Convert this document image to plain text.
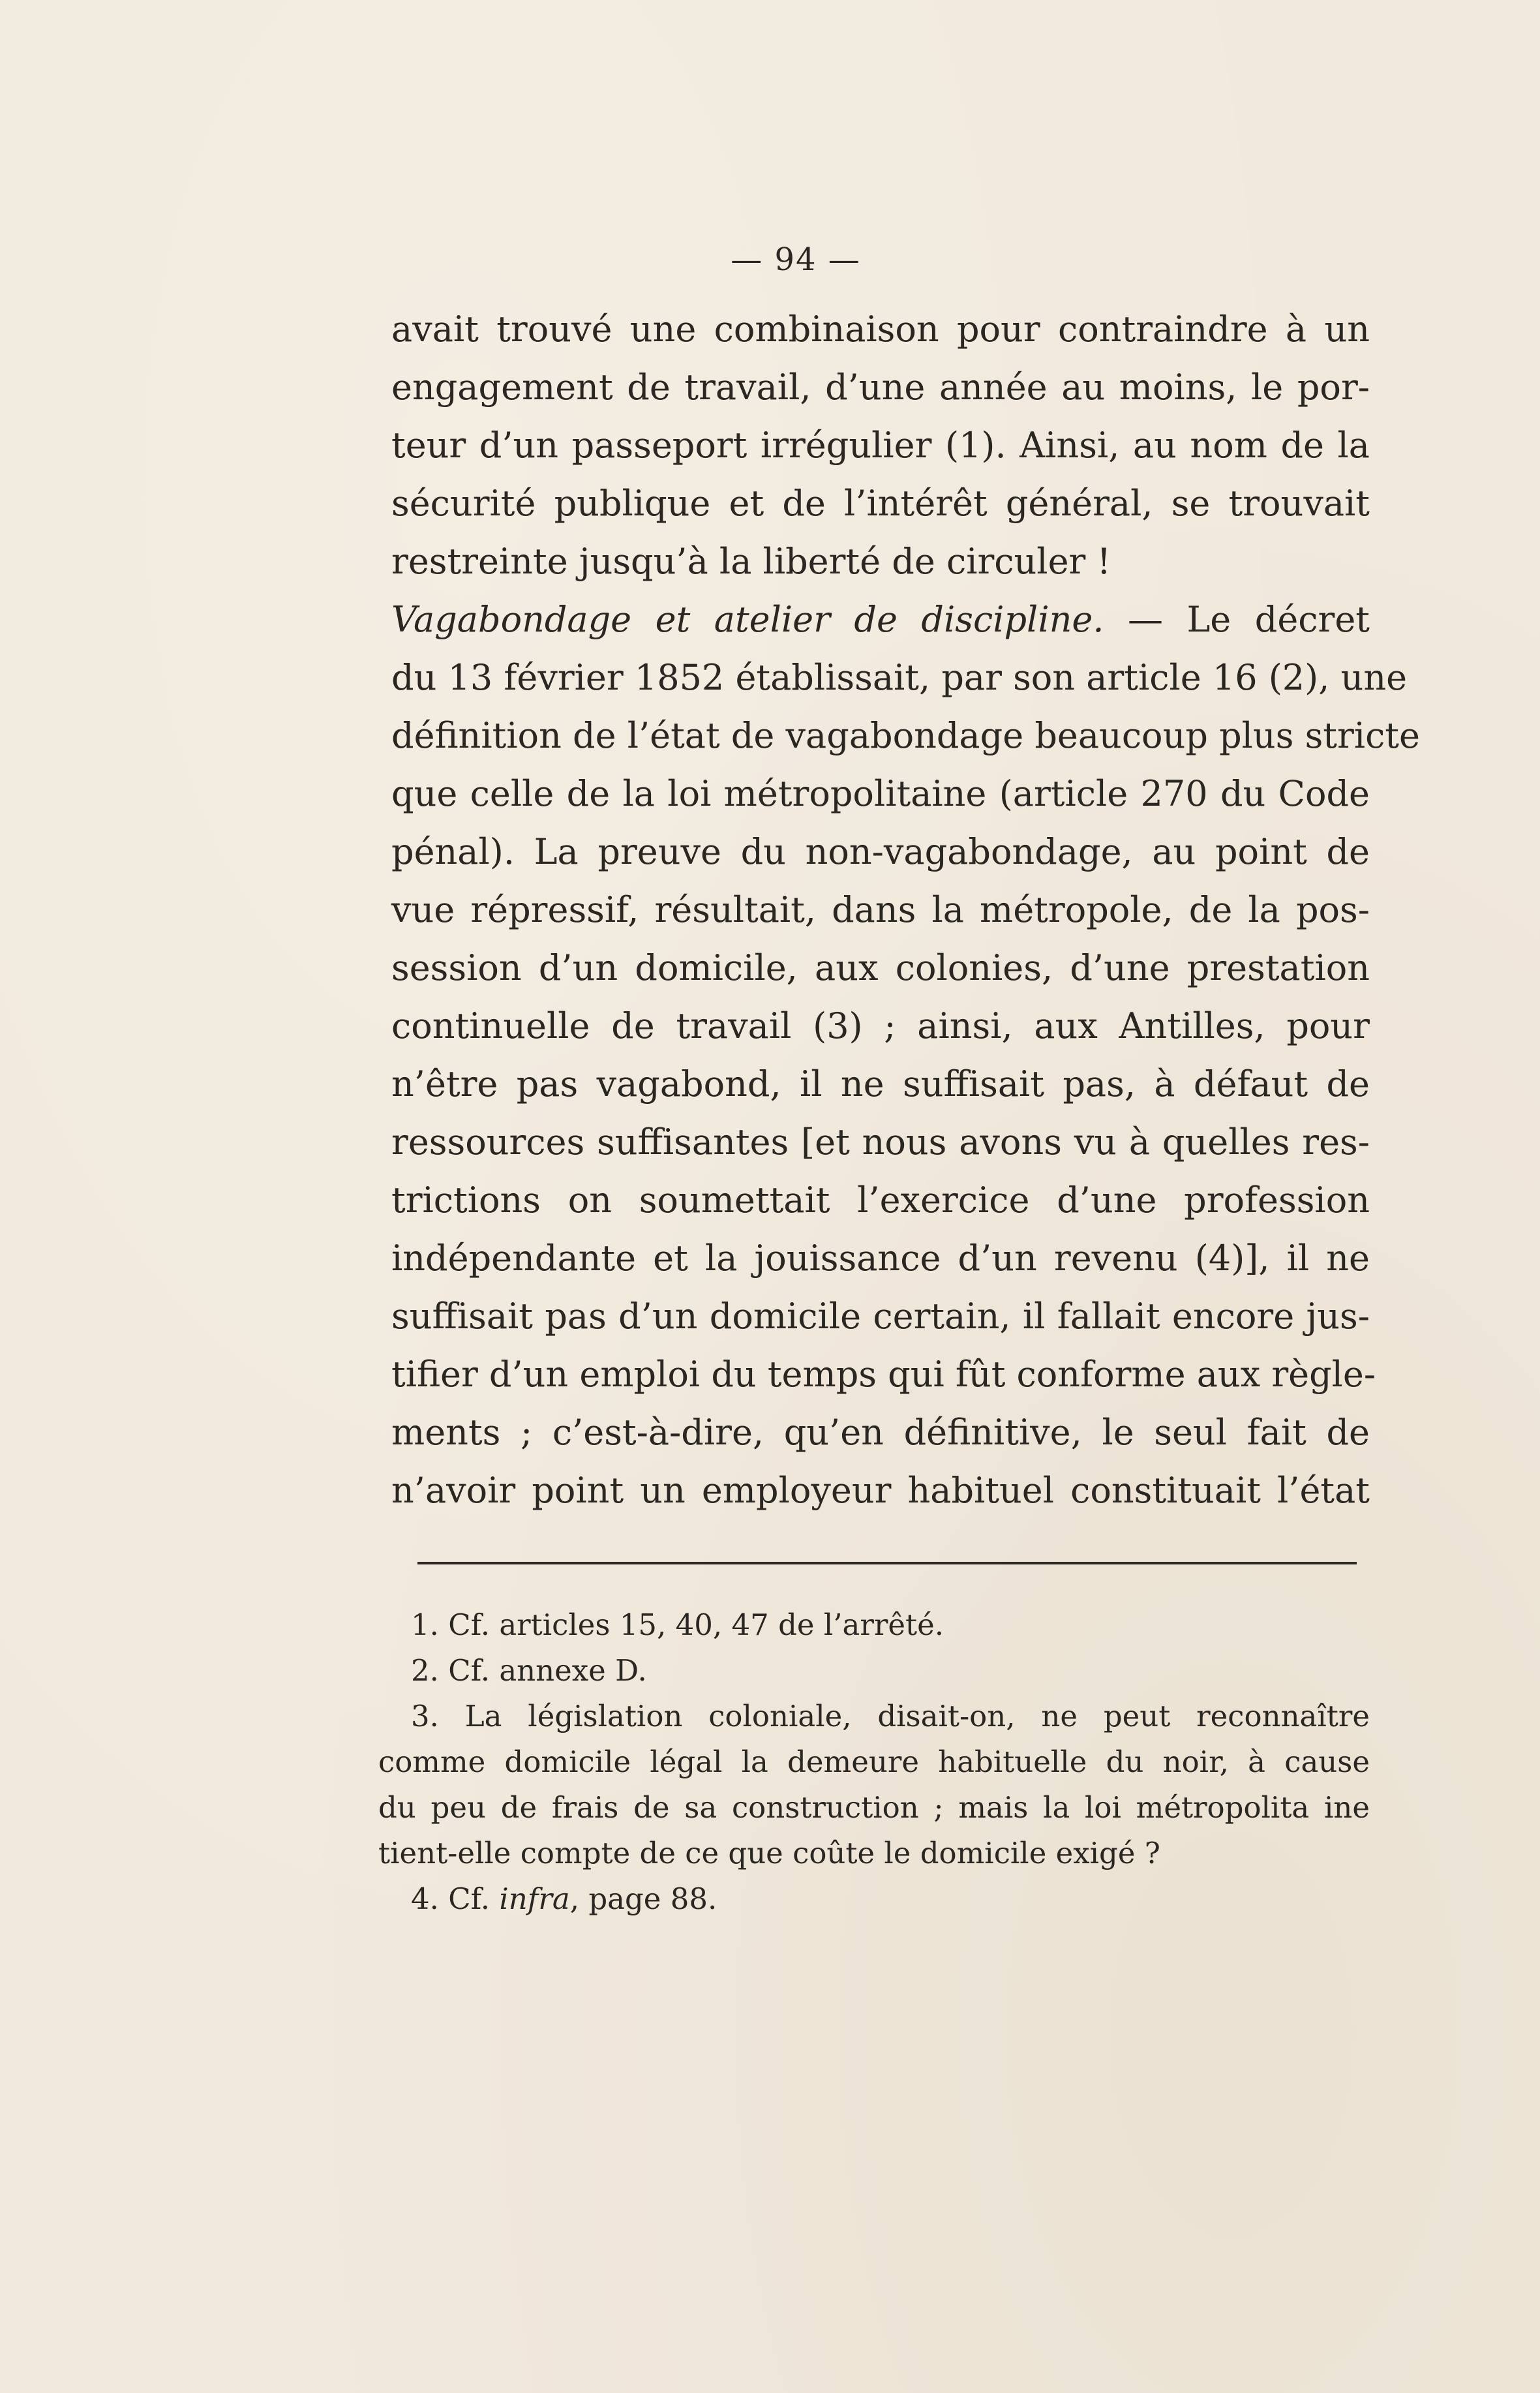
— 94 —
avait trouvé une combinaison pour contraindre à un
engagement de travail, d’une année au moins, le por-
teur d’un passeport irrégulier (1). Ainsi, au nom de la
sécurité publique et de l’intérêt général, se trouvait
restreinte jusqu’à la liberté de circuler !
Vagabondage et atelier de discipline. — Le décret
du 13 février 1852 établissait, par son article 16 (2), une
définition de l’état de vagabondage beaucoup plus stricte
que celle de la loi métropolitaine (article 270 du Code
pénal). La preuve du non-vagabondage, au point de
vue répressif, résultait, dans la métropole, de la pos-
session d’un domicile, aux colonies, d’une prestation
continuelle de travail (3) ; ainsi, aux Antilles, pour
n’être pas vagabond, il ne suffisait pas, à défaut de
ressources suffisantes [et nous avons vu à quelles res-
trictions on soumettait l’exercice d’une profession
indépendante et la jouissance d’un revenu (4)], il ne
suffisait pas d’un domicile certain, il fallait encore jus-
tifier d’un emploi du temps qui fût conforme aux règle-
ments ; c’est-à-dire, qu’en définitive, le seul fait de
n’avoir point un employeur habituel constituait l’état
1. Cf. articles 15, 40, 47 de l’arrêté.
2. Cf. annexe D.
3. La législation coloniale, disait-on, ne peut reconnaître
comme domicile légal la demeure habituelle du noir, à cause
du peu de frais de sa construction ; mais la loi métropolita ine
tient-elle compte de ce que coûte le domicile exigé ?
4. Cf. infra, page 88.
